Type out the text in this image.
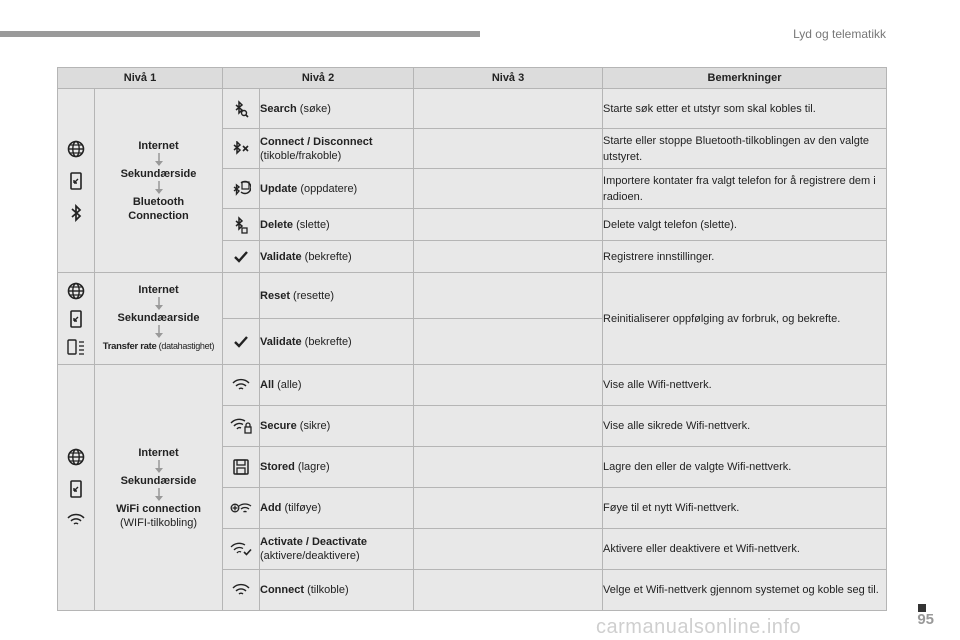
Lyd og telematikk
Nivå 1		Nivå 2		Nivå 3	Bemerkninger

Internet
Sekundærside
Bluetooth Connection		Search (søke)		Starte søk etter et utstyr som skal kobles til.

	Connect / Disconnect
(tikoble/frakoble)		Starte eller stoppe Bluetooth-tilkoblingen av den valgte utstyret.

	Update (oppdatere)		Importere kontater fra valgt telefon for å registrere dem i radioen.

	Delete (slette)		Delete valgt telefon (slette).

	Validate (bekrefte)		Registrere innstillinger.

Internet
Sekundæarside
Transfer rate (datahastighet)		Reset (resette)		Reinitialiserer oppfølging av forbruk, og bekrefte.

	Validate (bekrefte)		

Internet
Sekundærside
WiFi connection
(WIFI-tilkobling)		All (alle)		Vise alle Wifi-nettverk.

	Secure (sikre)		Vise alle sikrede Wifi-nettverk.

	Stored (lagre)		Lagre den eller de valgte Wifi-nettverk.

	Add (tilføye)		Føye til et nytt Wifi-nettverk.

	Activate / Deactivate
(aktivere/deaktivere)		Aktivere eller deaktivere et Wifi-nettverk.

	Connect (tilkoble)		Velge et Wifi-nettverk gjennom systemet og koble seg til.
carmanualsonline.info	95
